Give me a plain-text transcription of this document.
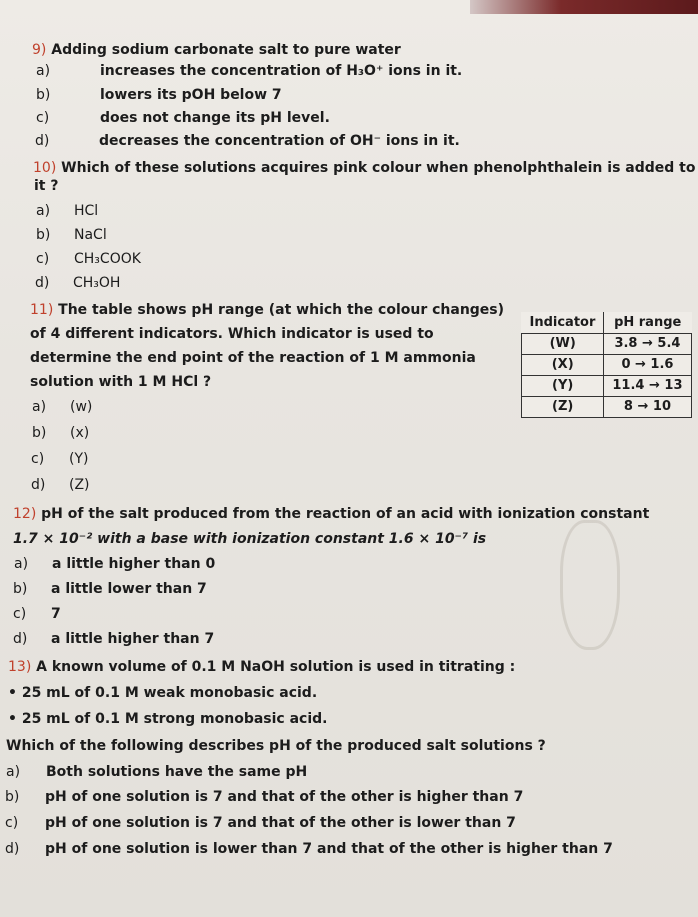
9) Adding sodium carbonate salt to pure water
a)	increases the concentration of H₃O⁺ ions in it.
b)	lowers its pOH below 7
c)	does not change its pH level.
d)	decreases the concentration of OH⁻ ions in it.
10) Which of these solutions acquires pink colour when phenolphthalein is added to
it ?
a) HCl
b) NaCl
c) CH₃COOK
d) CH₃OH
11) The table shows pH range (at which the colour changes)
of 4 different indicators. Which indicator is used to
determine the end point of the reaction of 1 M ammonia
solution with 1 M HCl ?
a) (w)
b) (x)
c) (Y)
d) (Z)
Indicator	pH range
(W)	3.8 → 5.4
(X)	0 → 1.6
(Y)	11.4 → 13
(Z)	8 → 10
12) pH of the salt produced from the reaction of an acid with ionization constant
1.7 × 10⁻² with a base with ionization constant 1.6 × 10⁻⁷ is
a) a little higher than 0
b) a little lower than 7
c) 7
d) a little higher than 7
13) A known volume of 0.1 M NaOH solution is used in titrating :
• 25 mL of 0.1 M weak monobasic acid.
• 25 mL of 0.1 M strong monobasic acid.
Which of the following describes pH of the produced salt solutions ?
a) Both solutions have the same pH
b) pH of one solution is 7 and that of the other is higher than 7
c) pH of one solution is 7 and that of the other is lower than 7
d) pH of one solution is lower than 7 and that of the other is higher than 7
